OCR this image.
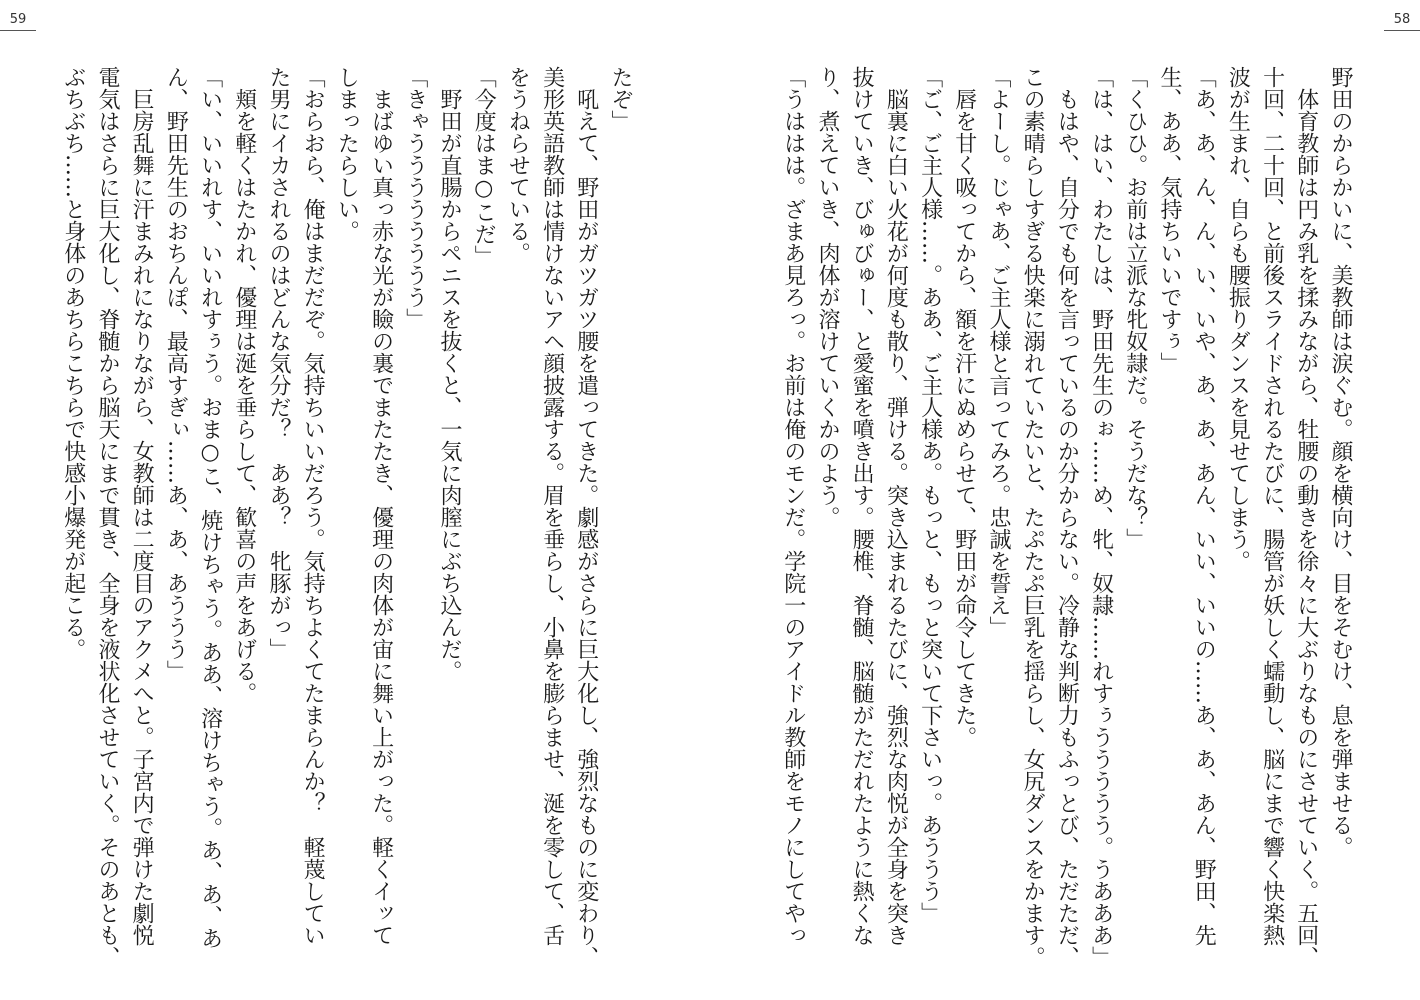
59	58
野田のからかいに、美教師は涙ぐむ。顔を横向け、目をそむけ、息を弾ませる。
　体育教師は円み乳を揉みながら、牡腰の動きを徐々に大ぶりなものにさせていく。五回、
十回、二十回、と前後スライドされるたびに、腸管が妖しく蠕動し、脳にまで響く快楽熱
波が生まれ、自らも腰振りダンスを見せてしまう。
「あ、あ、ん、ん、い、いや、あ、あ、あん、いい、いいの……あ、あ、あん、野田、先
生、ああ、気持ちいいですぅ」
「くひひ。お前は立派な牝奴隷だ。そうだな？」
「は、はい、わたしは、野田先生のぉ……め、牝、奴隷……れすぅううううう。うあああ」
　もはや、自分でも何を言っているのか分からない。冷静な判断力もふっとび、ただただ、
この素晴らしすぎる快楽に溺れていたいと、たぷたぷ巨乳を揺らし、女尻ダンスをかます。
「よーし。じゃあ、ご主人様と言ってみろ。忠誠を誓え」
　唇を甘く吸ってから、額を汗にぬめらせて、野田が命令してきた。
「ご、ご主人様……。ああ、ご主人様あ。もっと、もっと突いて下さいっ。あううう」
　脳裏に白い火花が何度も散り、弾ける。突き込まれるたびに、強烈な肉悦が全身を突き
抜けていき、びゅびゅー、と愛蜜を噴き出す。腰椎、脊髄、脳髄がただれたように熱くな
り、煮えていき、肉体が溶けていくかのよう。
「うははは。ざまあ見ろっ。お前は俺のモンだ。学院一のアイドル教師をモノにしてやっ
たぞ」
　吼えて、野田がガツガツ腰を遣ってきた。劇感がさらに巨大化し、強烈なものに変わり、
美形英語教師は情けないアヘ顔披露する。眉を垂らし、小鼻を膨らませ、涎を零して、舌
をうねらせている。
「今度はま○こだ」
　野田が直腸からペニスを抜くと、一気に肉膣にぶち込んだ。
「きゃうううううううう」
　まばゆい真っ赤な光が瞼の裏でまたたき、優理の肉体が宙に舞い上がった。軽くイッて
しまったらしい。
「おらおら、俺はまだだぞ。気持ちいいだろう。気持ちよくてたまらんか？　軽蔑してい
た男にイカされるのはどんな気分だ？　ああ？　牝豚がっ」
　頬を軽くはたかれ、優理は涎を垂らして、歓喜の声をあげる。
「い、いいれす、いいれすぅう。おま○こ、焼けちゃう。ああ、溶けちゃう。あ、あ、あ
ん、野田先生のおちんぽ、最高すぎぃ……あ、あ、あううう」
　巨房乱舞に汗まみれになりながら、女教師は二度目のアクメへと。子宮内で弾けた劇悦
電気はさらに巨大化し、脊髄から脳天にまで貫き、全身を液状化させていく。そのあとも、
ぶちぶち……と身体のあちらこちらで快感小爆発が起こる。
